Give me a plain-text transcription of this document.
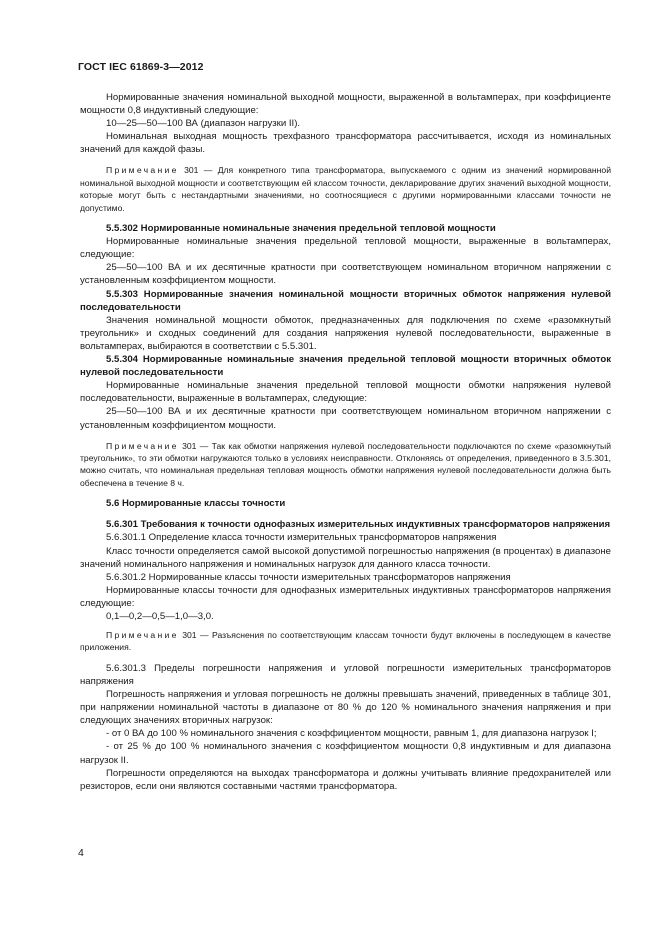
ГОСТ IEC 61869-3—2012
Нормированные значения номинальной выходной мощности, выраженной в вольтамперах, при коэффициенте мощности 0,8 индуктивный следующие:
10—25—50—100 ВА (диапазон нагрузки II).
Номинальная выходная мощность трехфазного трансформатора рассчитывается, исходя из номинальных значений для каждой фазы.
Примечание 301 — Для конкретного типа трансформатора, выпускаемого с одним из значений нормированной номинальной выходной мощности и соответствующим ей классом точности, декларирование других значений выходной мощности, которые могут быть с нестандартными значениями, но соотносящиеся с другими нормированными классами точности не допустимо.
5.5.302 Нормированные номинальные значения предельной тепловой мощности
Нормированные номинальные значения предельной тепловой мощности, выраженные в вольтамперах, следующие:
25—50—100 ВА и их десятичные кратности при соответствующем номинальном вторичном напряжении с установленным коэффициентом мощности.
5.5.303 Нормированные значения номинальной мощности вторичных обмоток напряжения нулевой последовательности
Значения номинальной мощности обмоток, предназначенных для подключения по схеме «разомкнутый треугольник» и сходных соединений для создания напряжения нулевой последовательности, выраженные в вольтамперах, выбираются в соответствии с 5.5.301.
5.5.304 Нормированные номинальные значения предельной тепловой мощности вторичных обмоток нулевой последовательности
Нормированные номинальные значения предельной тепловой мощности обмотки напряжения нулевой последовательности, выраженные в вольтамперах, следующие:
25—50—100 ВА и их десятичные кратности при соответствующем номинальном вторичном напряжении с установленным коэффициентом мощности.
Примечание 301 — Так как обмотки напряжения нулевой последовательности подключаются по схеме «разомкнутый треугольник», то эти обмотки нагружаются только в условиях неисправности. Отклоняясь от определения, приведенного в 3.5.301, можно считать, что номинальная предельная тепловая мощность обмотки напряжения нулевой последовательности должна быть обеспечена в течение 8 ч.
5.6 Нормированные классы точности
5.6.301 Требования к точности однофазных измерительных индуктивных трансформаторов напряжения
5.6.301.1 Определение класса точности измерительных трансформаторов напряжения
Класс точности определяется самой высокой допустимой погрешностью напряжения (в процентах) в диапазоне значений номинального напряжения и номинальных нагрузок для данного класса точности.
5.6.301.2 Нормированные классы точности измерительных трансформаторов напряжения
Нормированные классы точности для однофазных измерительных индуктивных трансформаторов напряжения следующие:
0,1—0,2—0,5—1,0—3,0.
Примечание 301 — Разъяснения по соответствующим классам точности будут включены в последующем в качестве приложения.
5.6.301.3 Пределы погрешности напряжения и угловой погрешности измерительных трансформаторов напряжения
Погрешность напряжения и угловая погрешность не должны превышать значений, приведенных в таблице 301, при напряжении номинальной частоты в диапазоне от 80 % до 120 % номинального значения напряжения и при следующих значениях вторичных нагрузок:
- от 0 ВА до 100 % номинального значения с коэффициентом мощности, равным 1, для диапазона нагрузок I;
- от 25 % до 100 % номинального значения с коэффициентом мощности 0,8 индуктивным и для диапазона нагрузок II.
Погрешности определяются на выходах трансформатора и должны учитывать влияние предохранителей или резисторов, если они являются составными частями трансформатора.
4
